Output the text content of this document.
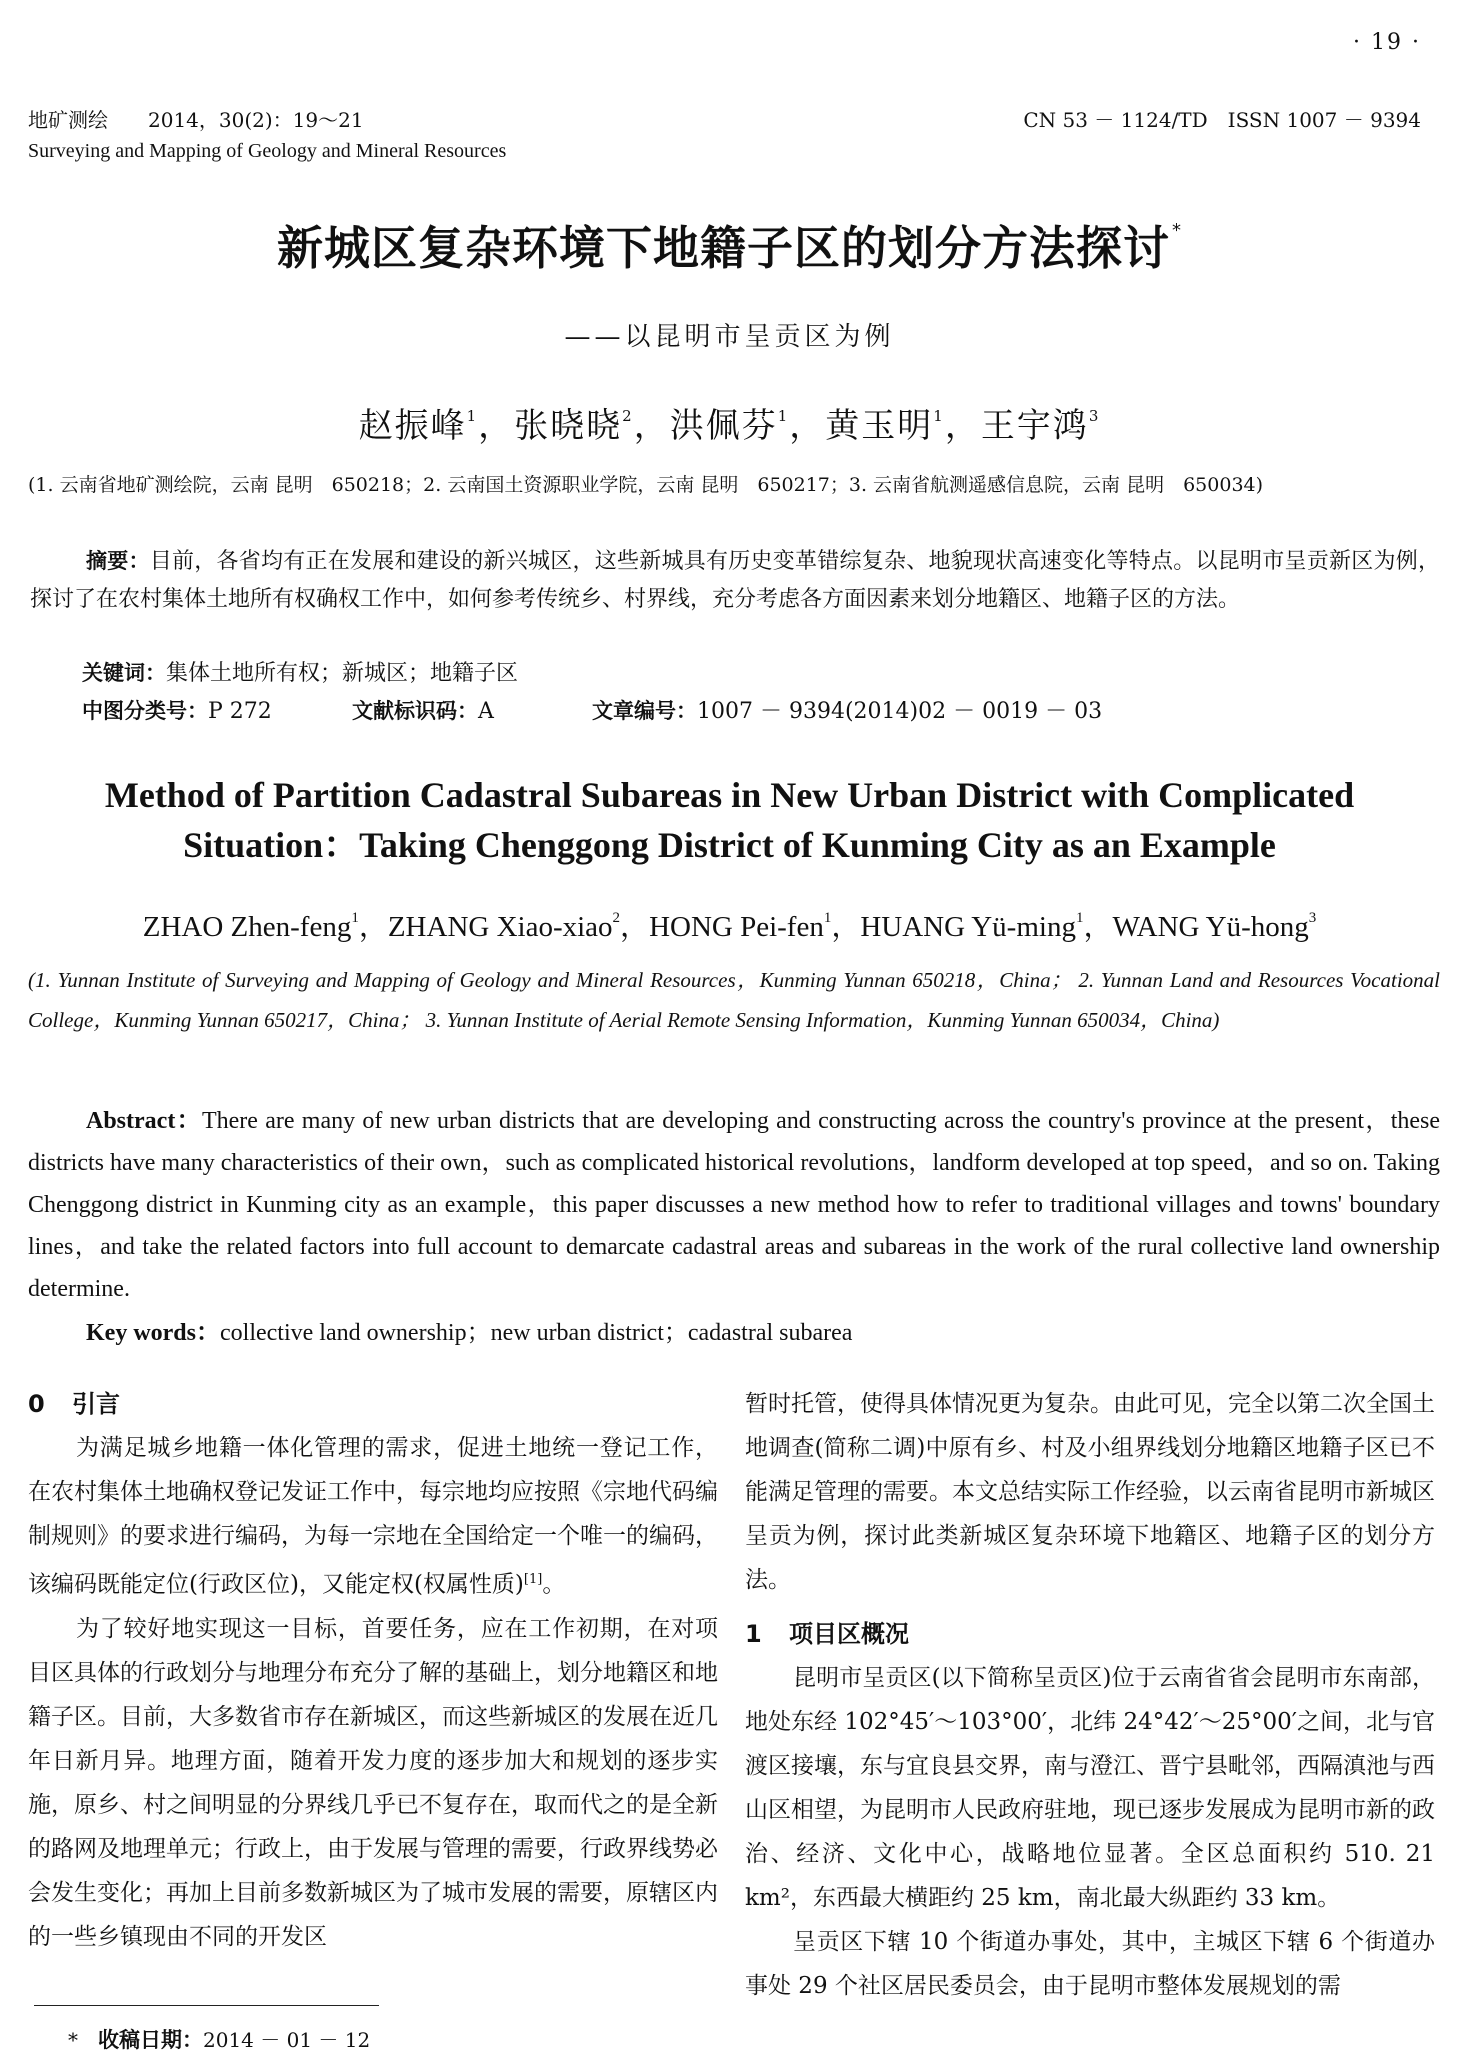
· 19 ·
地矿测绘　　2014，30(2)：19～21	CN 53 － 1124/TD　ISSN 1007 － 9394
Surveying and Mapping of Geology and Mineral Resources
新城区复杂环境下地籍子区的划分方法探讨 *
——以昆明市呈贡区为例
赵振峰$^1$，张晓晓$^2$，洪佩芬$^1$，黄玉明$^1$，王宇鸿$^3$
(1. 云南省地矿测绘院，云南 昆明　650218；2. 云南国土资源职业学院，云南 昆明　650217；3. 云南省航测遥感信息院，云南 昆明　650034)
摘要：目前，各省均有正在发展和建设的新兴城区，这些新城具有历史变革错综复杂、地貌现状高速变化等特点。以昆明市呈贡新区为例，探讨了在农村集体土地所有权确权工作中，如何参考传统乡、村界线，充分考虑各方面因素来划分地籍区、地籍子区的方法。
关键词：集体土地所有权；新城区；地籍子区
中图分类号：P 272	文献标识码：A	文章编号：1007 － 9394(2014)02 － 0019 － 03
Method of Partition Cadastral Subareas in New Urban District with Complicated
Situation：Taking Chenggong District of Kunming City as an Example
ZHAO Zhen-feng$^1$，ZHANG Xiao-xiao$^2$，HONG Pei-fen$^1$，HUANG Yü-ming$^1$，WANG Yü-hong$^3$
(1. Yunnan Institute of Surveying and Mapping of Geology and Mineral Resources，Kunming Yunnan 650218，China； 2. Yunnan Land and Resources Vocational College，Kunming Yunnan 650217，China； 3. Yunnan Institute of Aerial Remote Sensing Information，Kunming Yunnan 650034，China)
Abstract：There are many of new urban districts that are developing and constructing across the country's province at the present，these districts have many characteristics of their own，such as complicated historical revolutions，landform developed at top speed，and so on. Taking Chenggong district in Kunming city as an example，this paper discusses a new method how to refer to traditional villages and towns' boundary lines，and take the related factors into full account to demarcate cadastral areas and subareas in the work of the rural collective land ownership determine.
Key words：collective land ownership；new urban district；cadastral subarea

0 引言

为满足城乡地籍一体化管理的需求，促进土地统一登记工作，在农村集体土地确权登记发证工作中，每宗地均应按照《宗地代码编制规则》的要求进行编码，为每一宗地在全国给定一个唯一的编码，该编码既能定位(行政区位)，又能定权(权属性质)[1]。

为了较好地实现这一目标，首要任务，应在工作初期，在对项目区具体的行政划分与地理分布充分了解的基础上，划分地籍区和地籍子区。目前，大多数省市存在新城区，而这些新城区的发展在近几年日新月异。地理方面，随着开发力度的逐步加大和规划的逐步实施，原乡、村之间明显的分界线几乎已不复存在，取而代之的是全新的路网及地理单元；行政上，由于发展与管理的需要，行政界线势必会发生变化；再加上目前多数新城区为了城市发展的需要，原辖区内的一些乡镇现由不同的开发区

暂时托管，使得具体情况更为复杂。由此可见，完全以第二次全国土地调查(简称二调)中原有乡、村及小组界线划分地籍区地籍子区已不能满足管理的需要。本文总结实际工作经验，以云南省昆明市新城区呈贡为例，探讨此类新城区复杂环境下地籍区、地籍子区的划分方法。

1 项目区概况

昆明市呈贡区(以下简称呈贡区)位于云南省省会昆明市东南部，地处东经 102°45′～103°00′，北纬 24°42′～25°00′之间，北与官渡区接壤，东与宜良县交界，南与澄江、晋宁县毗邻，西隔滇池与西山区相望，为昆明市人民政府驻地，现已逐步发展成为昆明市新的政治、经济、文化中心，战略地位显著。全区总面积约 510. 21 km²，东西最大横距约 25 km，南北最大纵距约 33 km。

呈贡区下辖 10 个街道办事处，其中，主城区下辖 6 个街道办事处 29 个社区居民委员会，由于昆明市整体发展规划的需

*　 收稿日期：2014 － 01 － 12
